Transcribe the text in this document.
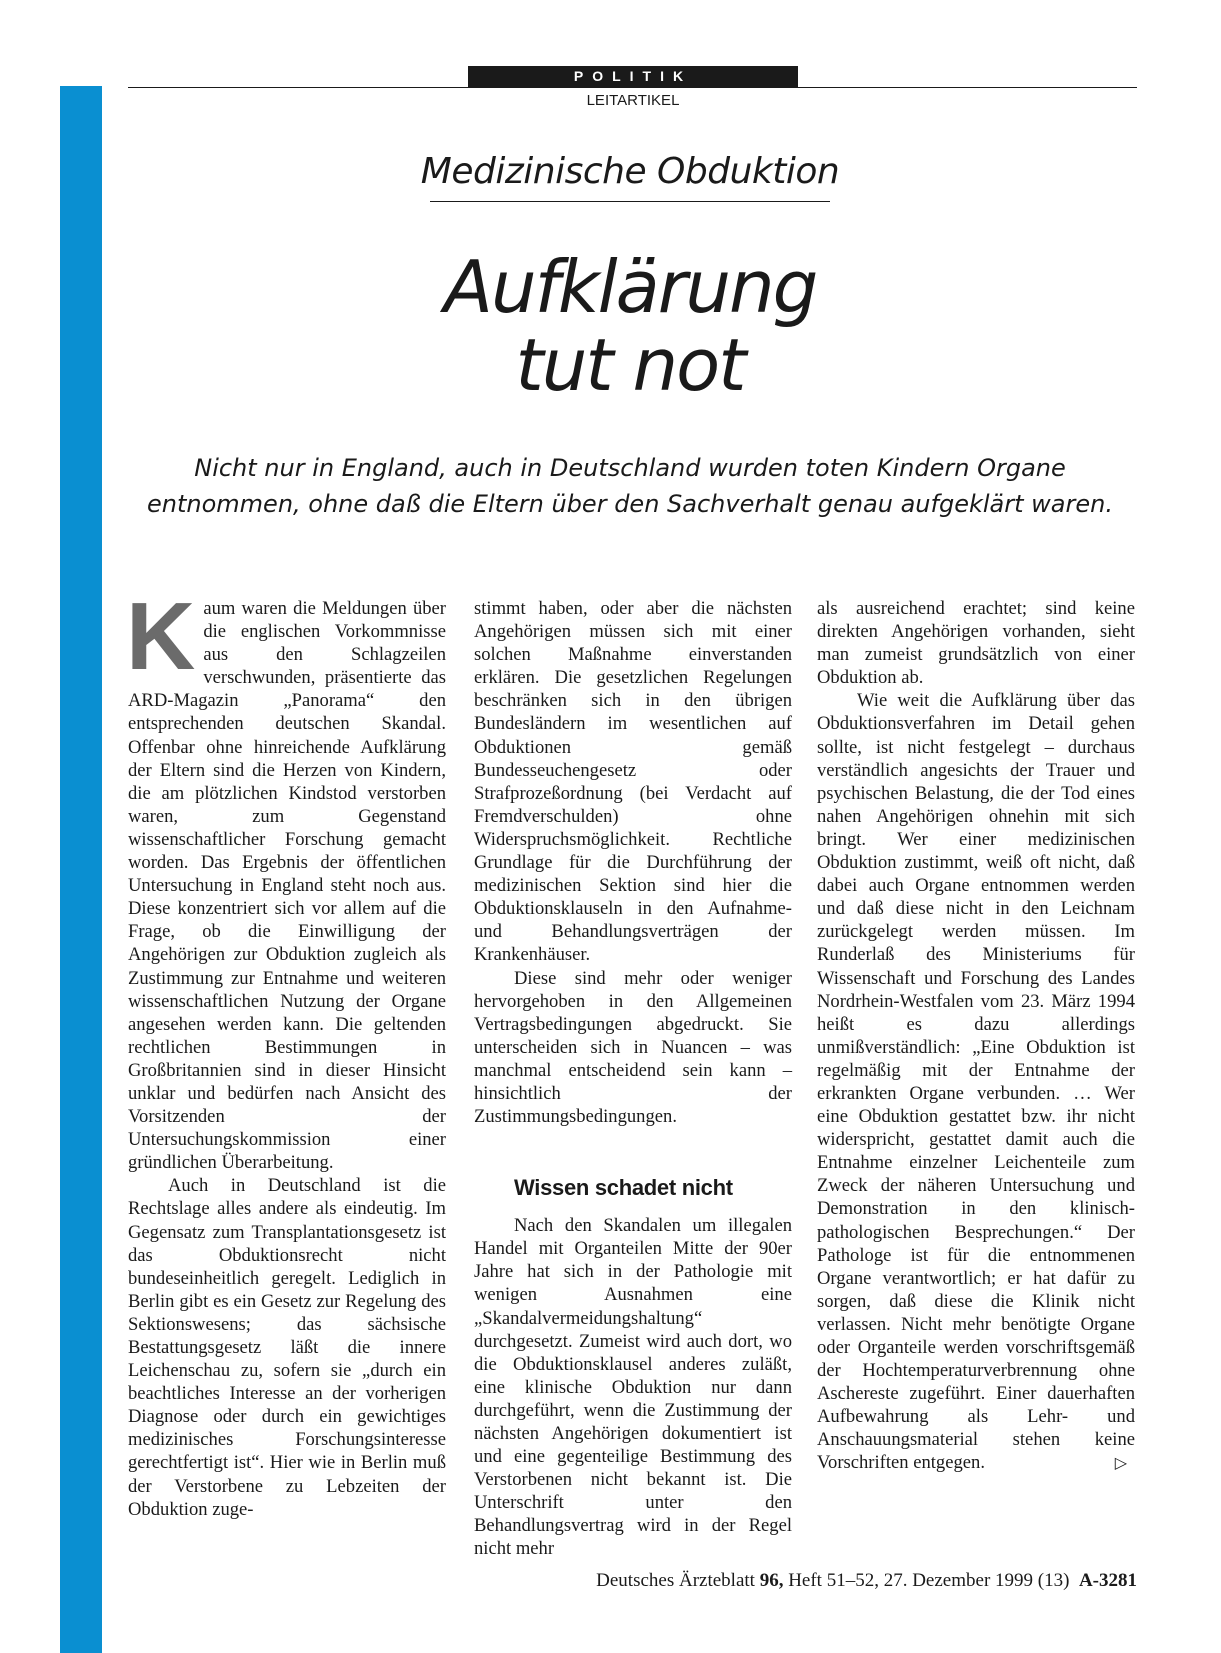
POLITIK
LEITARTIKEL
Medizinische Obduktion
Aufklärung
tut not
Nicht nur in England, auch in Deutschland wurden toten Kindern Organe
entnommen, ohne daß die Eltern über den Sachverhalt genau aufgeklärt waren.

Kaum waren die Meldungen über die englischen Vorkommnisse aus den Schlagzeilen verschwunden, präsentierte das ARD-Magazin „Panorama“ den entsprechenden deutschen Skandal. Offenbar ohne hinreichende Aufklärung der Eltern sind die Herzen von Kindern, die am plötzlichen Kindstod verstorben waren, zum Gegenstand wissenschaftlicher Forschung gemacht worden. Das Ergebnis der öffentlichen Untersuchung in England steht noch aus. Diese konzentriert sich vor allem auf die Frage, ob die Einwilligung der Angehörigen zur Obduktion zugleich als Zustimmung zur Entnahme und weiteren wissenschaftlichen Nutzung der Organe angesehen werden kann. Die geltenden rechtlichen Bestimmungen in Großbritannien sind in dieser Hinsicht unklar und bedürfen nach Ansicht des Vorsitzenden der Untersuchungskommission einer gründlichen Überarbeitung.

Auch in Deutschland ist die Rechtslage alles andere als eindeutig. Im Gegensatz zum Transplantationsgesetz ist das Obduktionsrecht nicht bundeseinheitlich geregelt. Lediglich in Berlin gibt es ein Gesetz zur Regelung des Sektionswesens; das sächsische Bestattungsgesetz läßt die innere Leichenschau zu, sofern sie „durch ein beachtliches Interesse an der vorherigen Diagnose oder durch ein gewichtiges medizinisches Forschungsinteresse gerechtfertigt ist“. Hier wie in Berlin muß der Verstorbene zu Lebzeiten der Obduktion zuge-

stimmt haben, oder aber die nächsten Angehörigen müssen sich mit einer solchen Maßnahme einverstanden erklären. Die gesetzlichen Regelungen beschränken sich in den übrigen Bundesländern im wesentlichen auf Obduktionen gemäß Bundesseuchengesetz oder Strafprozeßordnung (bei Verdacht auf Fremdverschulden) ohne Widerspruchsmöglichkeit. Rechtliche Grundlage für die Durchführung der medizinischen Sektion sind hier die Obduktionsklauseln in den Aufnahme- und Behandlungsverträgen der Krankenhäuser.

Diese sind mehr oder weniger hervorgehoben in den Allgemeinen Vertragsbedingungen abgedruckt. Sie unterscheiden sich in Nuancen – was manchmal entscheidend sein kann – hinsichtlich der Zustimmungsbedingungen.

Wissen schadet nicht

Nach den Skandalen um illegalen Handel mit Organteilen Mitte der 90er Jahre hat sich in der Pathologie mit wenigen Ausnahmen eine „Skandalvermeidungshaltung“ durchgesetzt. Zumeist wird auch dort, wo die Obduktionsklausel anderes zuläßt, eine klinische Obduktion nur dann durchgeführt, wenn die Zustimmung der nächsten Angehörigen dokumentiert ist und eine gegenteilige Bestimmung des Verstorbenen nicht bekannt ist. Die Unterschrift unter den Behandlungsvertrag wird in der Regel nicht mehr

als ausreichend erachtet; sind keine direkten Angehörigen vorhanden, sieht man zumeist grundsätzlich von einer Obduktion ab.

Wie weit die Aufklärung über das Obduktionsverfahren im Detail gehen sollte, ist nicht festgelegt – durchaus verständlich angesichts der Trauer und psychischen Belastung, die der Tod eines nahen Angehörigen ohnehin mit sich bringt. Wer einer medizinischen Obduktion zustimmt, weiß oft nicht, daß dabei auch Organe entnommen werden und daß diese nicht in den Leichnam zurückgelegt werden müssen. Im Runderlaß des Ministeriums für Wissenschaft und Forschung des Landes Nordrhein-Westfalen vom 23. März 1994 heißt es dazu allerdings unmißverständlich: „Eine Obduktion ist regelmäßig mit der Entnahme der erkrankten Organe verbunden. … Wer eine Obduktion gestattet bzw. ihr nicht widerspricht, gestattet damit auch die Entnahme einzelner Leichenteile zum Zweck der näheren Untersuchung und Demonstration in den klinisch-pathologischen Besprechungen.“ Der Pathologe ist für die entnommenen Organe verantwortlich; er hat dafür zu sorgen, daß diese die Klinik nicht verlassen. Nicht mehr benötigte Organe oder Organteile werden vorschriftsgemäß der Hochtemperaturverbrennung ohne Aschereste zugeführt. Einer dauerhaften Aufbewahrung als Lehr- und Anschauungsmaterial stehen keine Vorschriften entgegen.	▷

Deutsches Ärzteblatt 96, Heft 51–52, 27. Dezember 1999 (13) A-3281
